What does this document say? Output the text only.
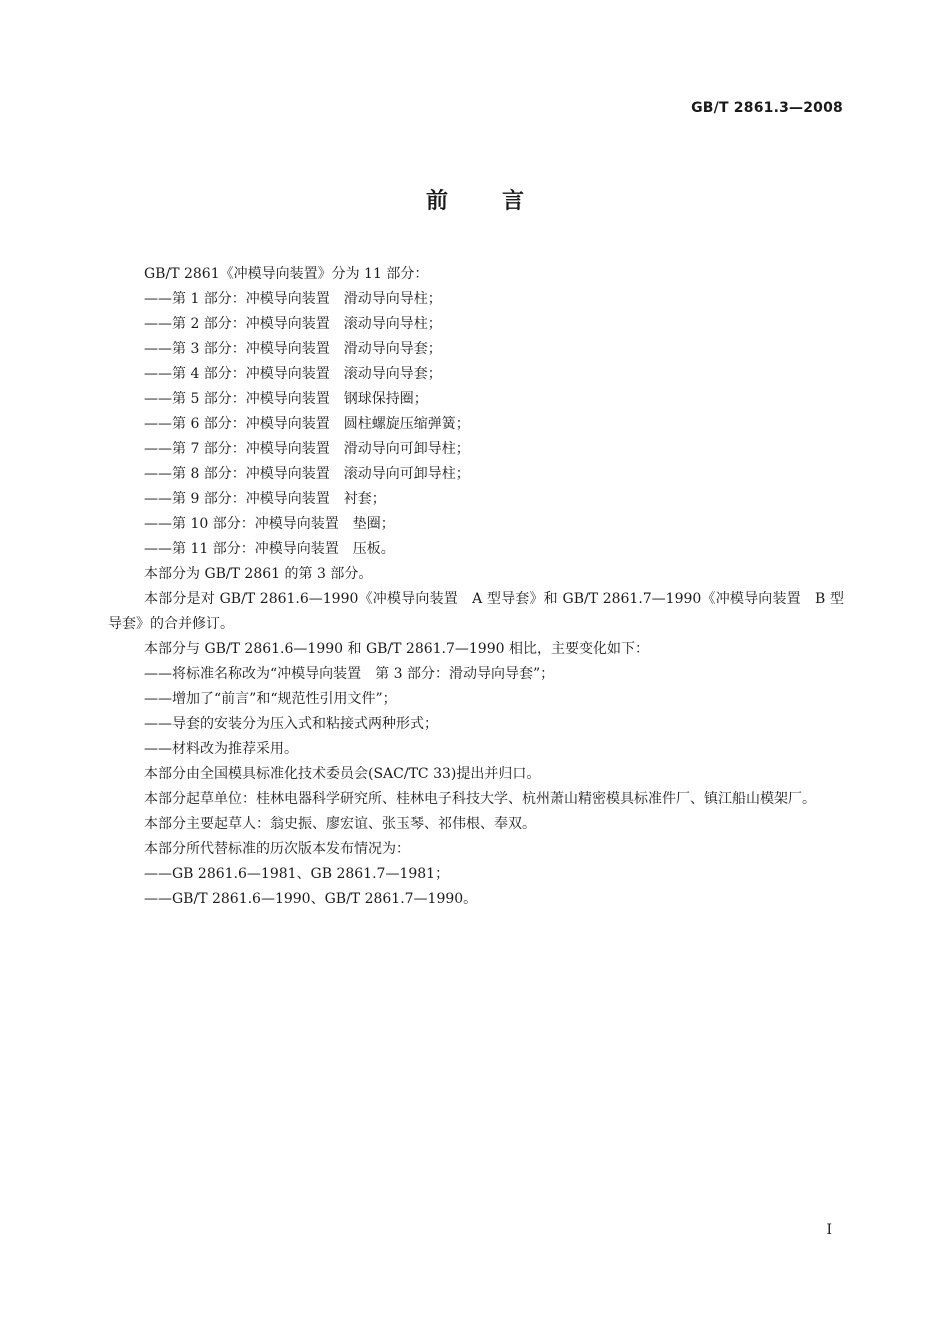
GB/T 2861.3—2008
前 言
GB/T 2861《冲模导向装置》分为 11 部分：
——第 1 部分：冲模导向装置　滑动导向导柱；
——第 2 部分：冲模导向装置　滚动导向导柱；
——第 3 部分：冲模导向装置　滑动导向导套；
——第 4 部分：冲模导向装置　滚动导向导套；
——第 5 部分：冲模导向装置　钢球保持圈；
——第 6 部分：冲模导向装置　圆柱螺旋压缩弹簧；
——第 7 部分：冲模导向装置　滑动导向可卸导柱；
——第 8 部分：冲模导向装置　滚动导向可卸导柱；
——第 9 部分：冲模导向装置　衬套；
——第 10 部分：冲模导向装置　垫圈；
——第 11 部分：冲模导向装置　压板。
本部分为 GB/T 2861 的第 3 部分。
本部分是对 GB/T 2861.6—1990《冲模导向装置　A 型导套》和 GB/T 2861.7—1990《冲模导向装置　B 型导套》的合并修订。
本部分与 GB/T 2861.6—1990 和 GB/T 2861.7—1990 相比，主要变化如下：
——将标准名称改为“冲模导向装置　第 3 部分：滑动导向导套”；
——增加了“前言”和“规范性引用文件”；
——导套的安装分为压入式和粘接式两种形式；
——材料改为推荐采用。
本部分由全国模具标准化技术委员会(SAC/TC 33)提出并归口。
本部分起草单位：桂林电器科学研究所、桂林电子科技大学、杭州萧山精密模具标准件厂、镇江船山模架厂。
本部分主要起草人：翁史振、廖宏谊、张玉琴、祁伟根、奉双。
本部分所代替标准的历次版本发布情况为：
——GB 2861.6—1981、GB 2861.7—1981；
——GB/T 2861.6—1990、GB/T 2861.7—1990。
I
